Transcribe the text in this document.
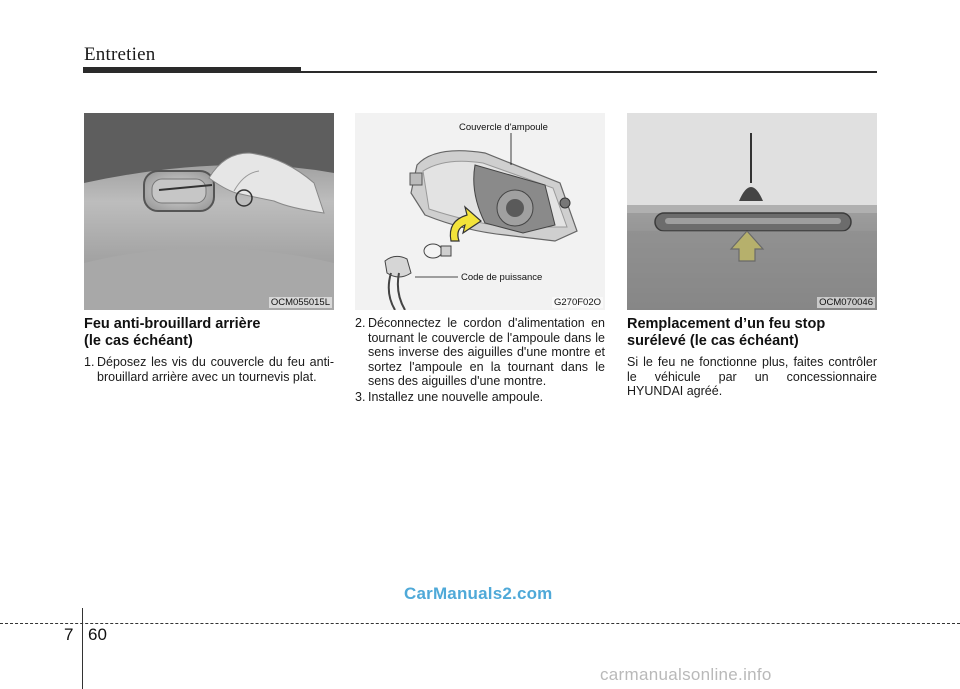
Entretien
OCM055015L
Couvercle d'ampoule
Code de puissance
G270F02O	OCM070046

Feu anti-brouillard arrière
(le cas échéant)

1. Déposez les vis du couvercle du feu anti-brouillard arrière avec un tournevis plat.
2. Déconnectez le cordon d'alimentation en tournant le couvercle de l'ampoule dans le sens inverse des aiguilles d'une montre et sortez l'ampoule en la tournant dans le sens des aiguilles d'une montre.
3. Installez une nouvelle ampoule.

Remplacement d’un feu stop
surélevé (le cas échéant)

Si le feu ne fonctionne plus, faites contrôler le véhicule par un concessionnaire HYUNDAI agréé.

CarManuals2.com
7 60
carmanualsonline.info
